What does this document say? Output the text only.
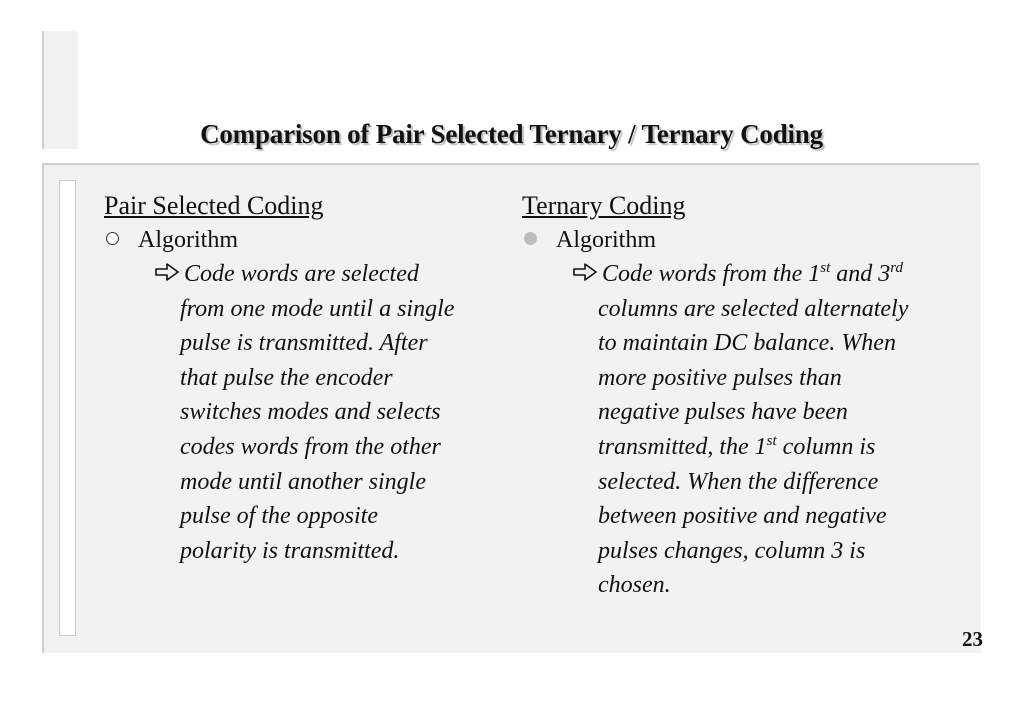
Comparison of Pair Selected Ternary / Ternary Coding
Pair Selected Coding
Algorithm
Code words are selected
from one mode until a single
pulse is transmitted. After
that pulse the encoder
switches modes and selects
codes words from the other
mode until another single
pulse of the opposite
polarity is transmitted.
Ternary Coding
Algorithm
Code words from the 1st and 3rd
columns are selected alternately
to maintain DC balance. When
more positive pulses than
negative pulses have been
transmitted, the 1st column is
selected. When the difference
between positive and negative
pulses changes, column 3 is
chosen.
23
